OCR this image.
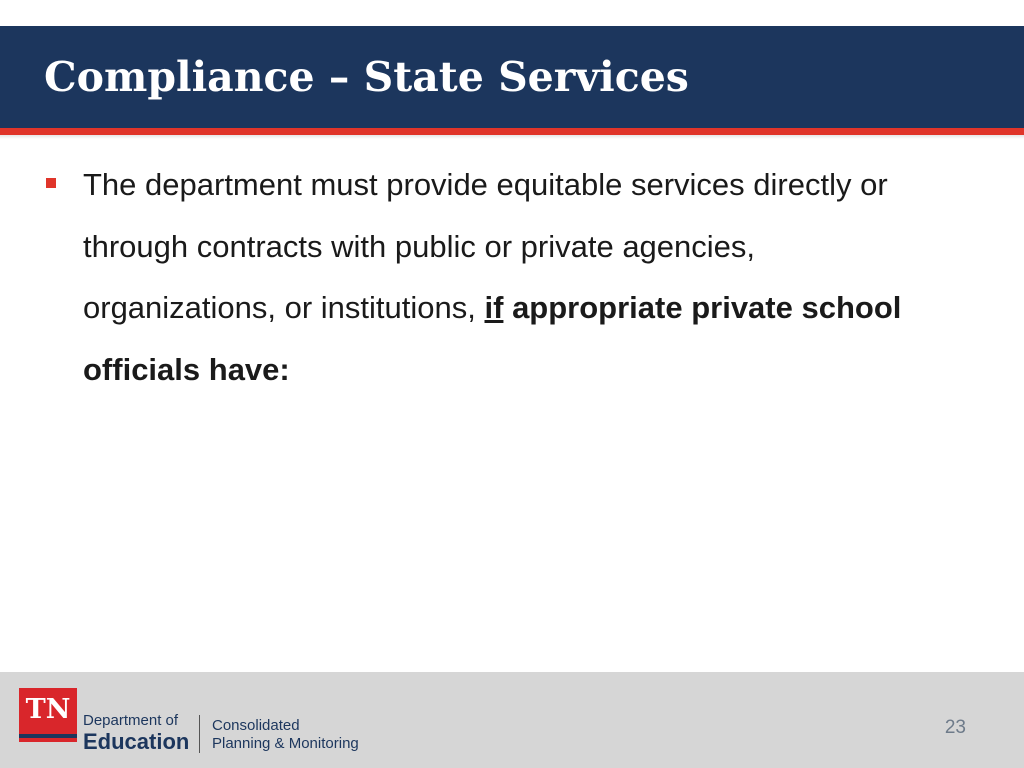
Compliance – State Services
The department must provide equitable services directly or through contracts with public or private agencies, organizations, or institutions, if appropriate private school officials have:
TN Department of
Education
Consolidated
Planning & Monitoring
23
